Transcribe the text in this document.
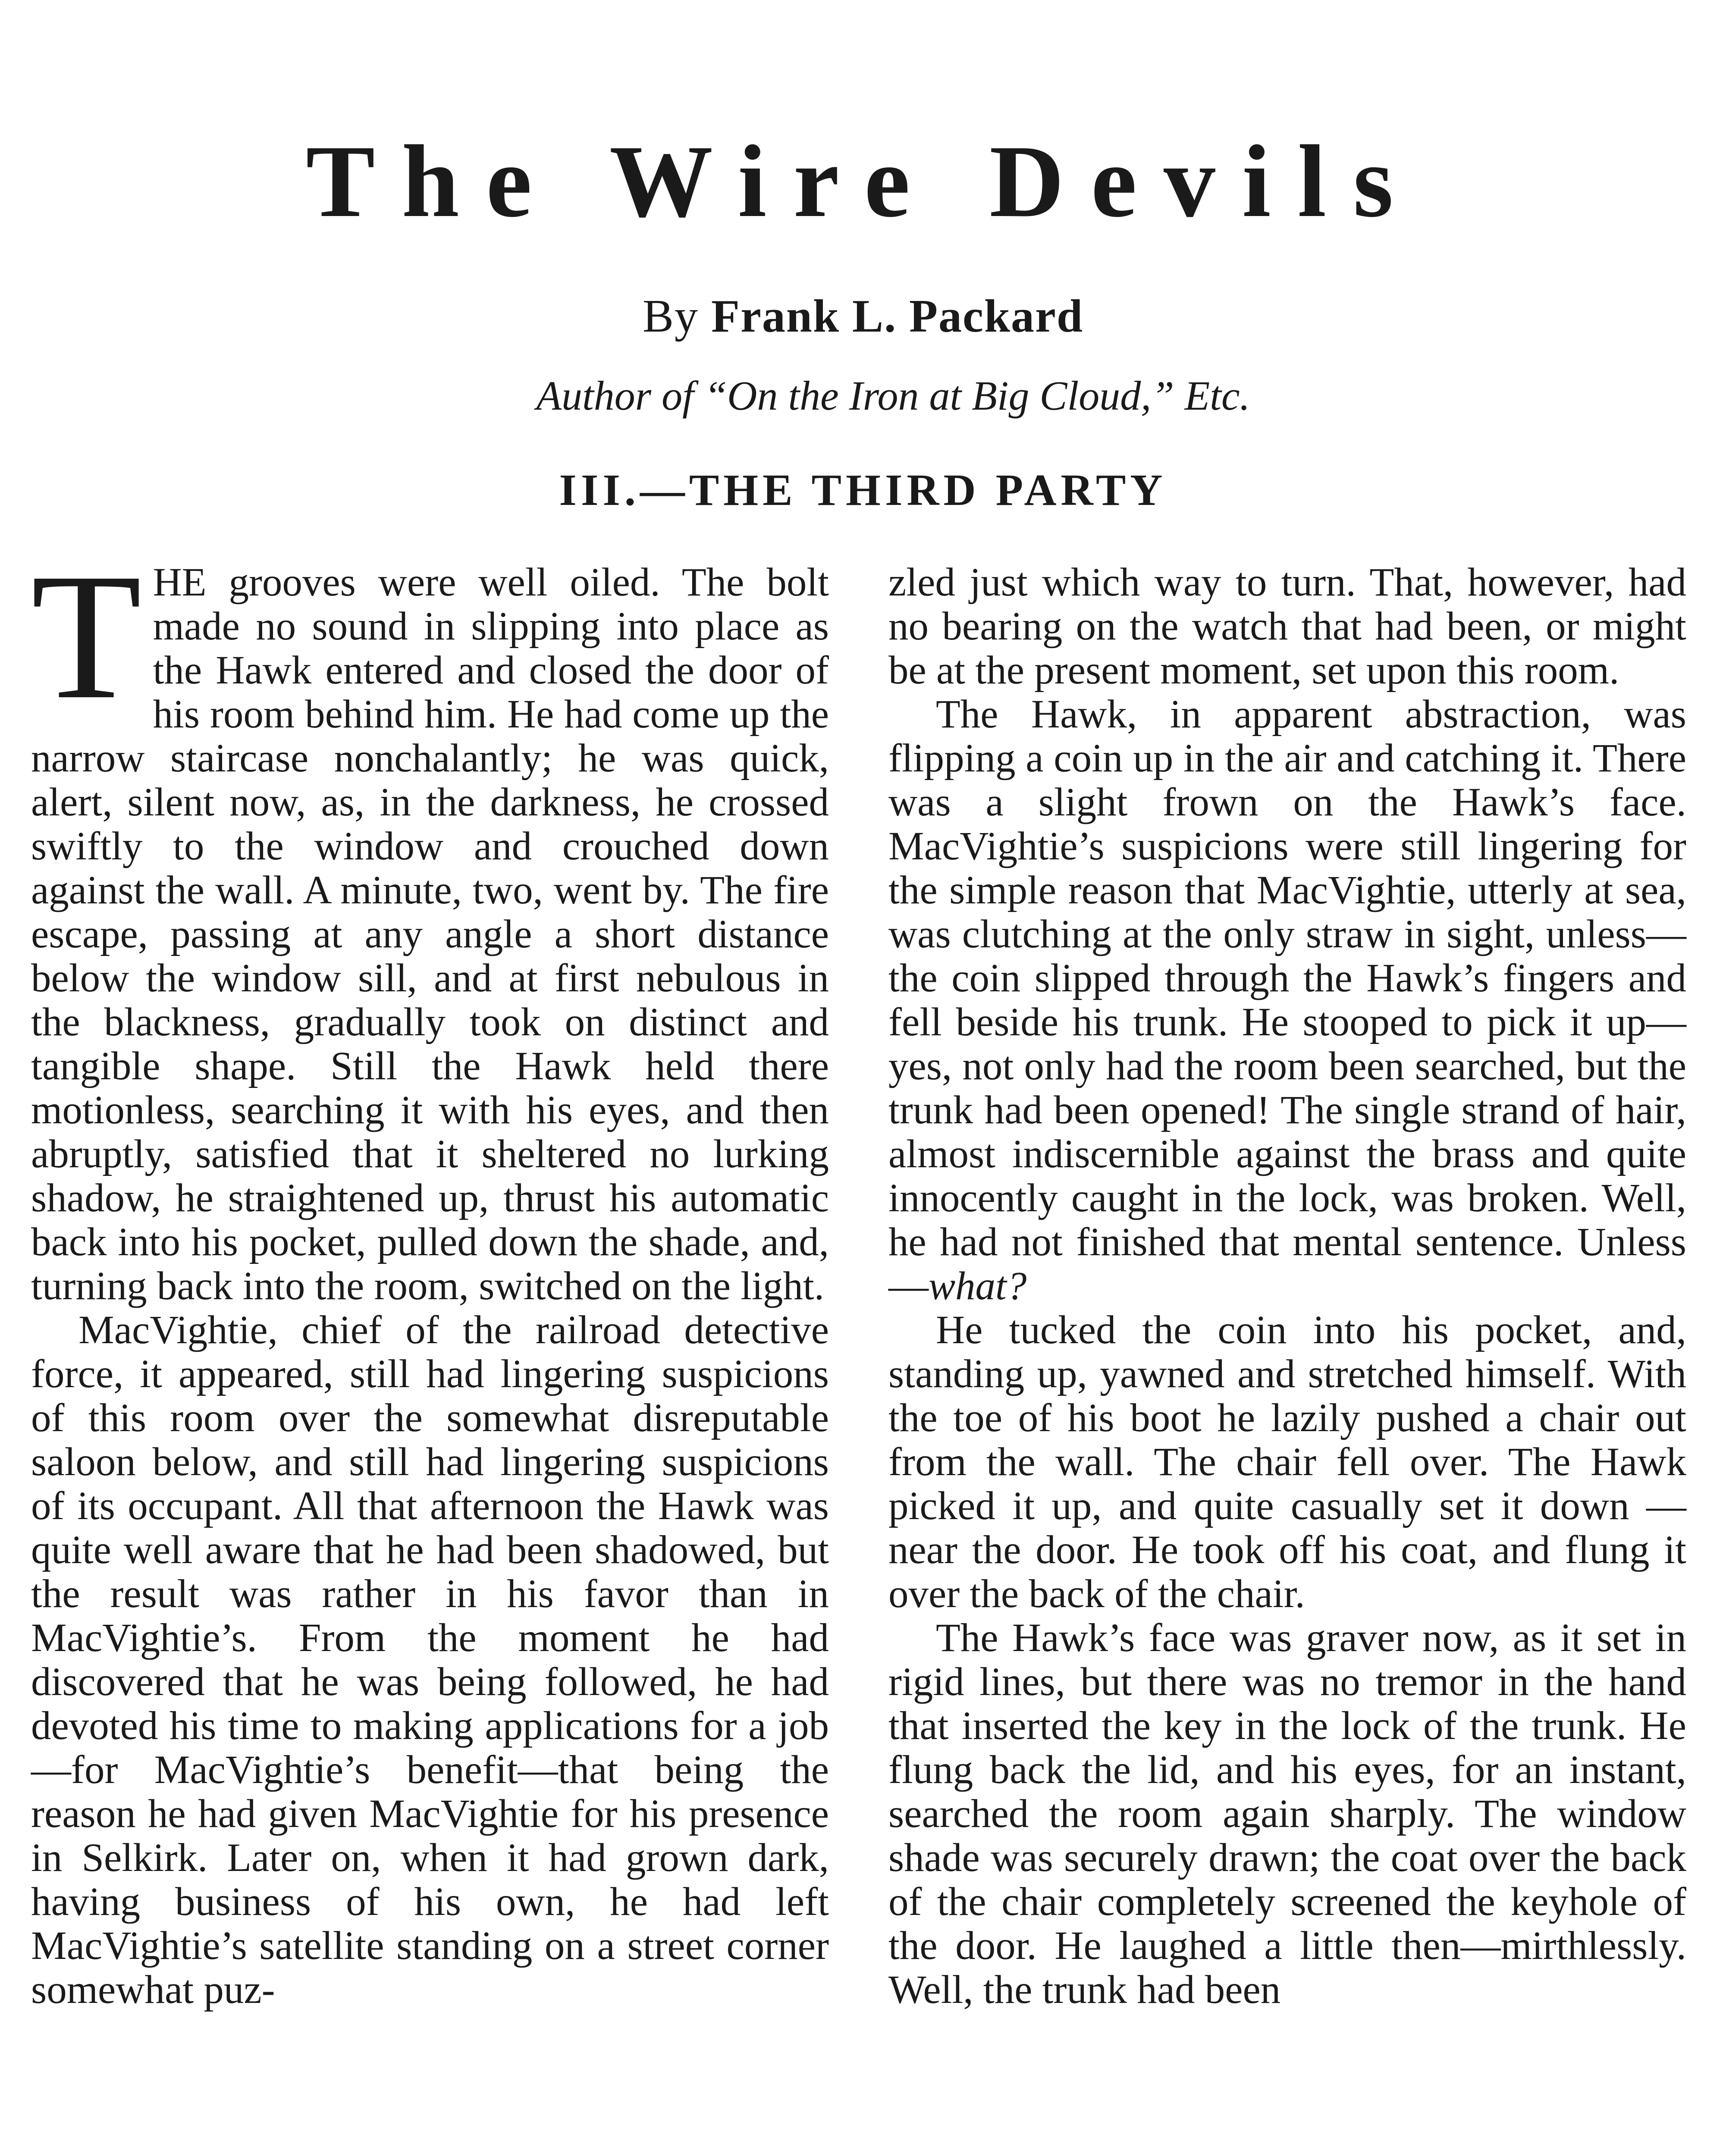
The Wire Devils
By Frank L. Packard
Author of “On the Iron at Big Cloud,” Etc.
III.—THE THIRD PARTY

THE grooves were well oiled. The bolt made no sound in slipping into place as the Hawk entered and closed the door of his room behind him. He had come up the narrow staircase nonchalantly; he was quick, alert, silent now, as, in the darkness, he crossed swiftly to the window and crouched down against the wall. A minute, two, went by. The fire escape, passing at any angle a short distance below the window sill, and at first nebulous in the blackness, gradually took on distinct and tangible shape. Still the Hawk held there motionless, searching it with his eyes, and then abruptly, satisfied that it sheltered no lurking shadow, he straightened up, thrust his automatic back into his pocket, pulled down the shade, and, turning back into the room, switched on the light.

MacVightie, chief of the railroad detective force, it appeared, still had lingering suspicions of this room over the somewhat disreputable saloon below, and still had lingering suspicions of its occupant. All that afternoon the Hawk was quite well aware that he had been shadowed, but the result was rather in his favor than in MacVightie’s. From the moment he had discovered that he was being followed, he had devoted his time to making applications for a job—for MacVightie’s benefit—that being the reason he had given MacVightie for his presence in Selkirk. Later on, when it had grown dark, having business of his own, he had left MacVightie’s satellite standing on a street corner somewhat puz-

zled just which way to turn. That, however, had no bearing on the watch that had been, or might be at the present moment, set upon this room.

The Hawk, in apparent abstraction, was flipping a coin up in the air and catching it. There was a slight frown on the Hawk’s face. MacVightie’s suspicions were still lingering for the simple reason that MacVightie, utterly at sea, was clutching at the only straw in sight, unless—the coin slipped through the Hawk’s fingers and fell beside his trunk. He stooped to pick it up—yes, not only had the room been searched, but the trunk had been opened! The single strand of hair, almost indiscernible against the brass and quite innocently caught in the lock, was broken. Well, he had not finished that mental sentence. Unless—what?

He tucked the coin into his pocket, and, standing up, yawned and stretched himself. With the toe of his boot he lazily pushed a chair out from the wall. The chair fell over. The Hawk picked it up, and quite casually set it down —near the door. He took off his coat, and flung it over the back of the chair.

The Hawk’s face was graver now, as it set in rigid lines, but there was no tremor in the hand that inserted the key in the lock of the trunk. He flung back the lid, and his eyes, for an instant, searched the room again sharply. The window shade was securely drawn; the coat over the back of the chair completely screened the keyhole of the door. He laughed a little then—mirthlessly. Well, the trunk had been
